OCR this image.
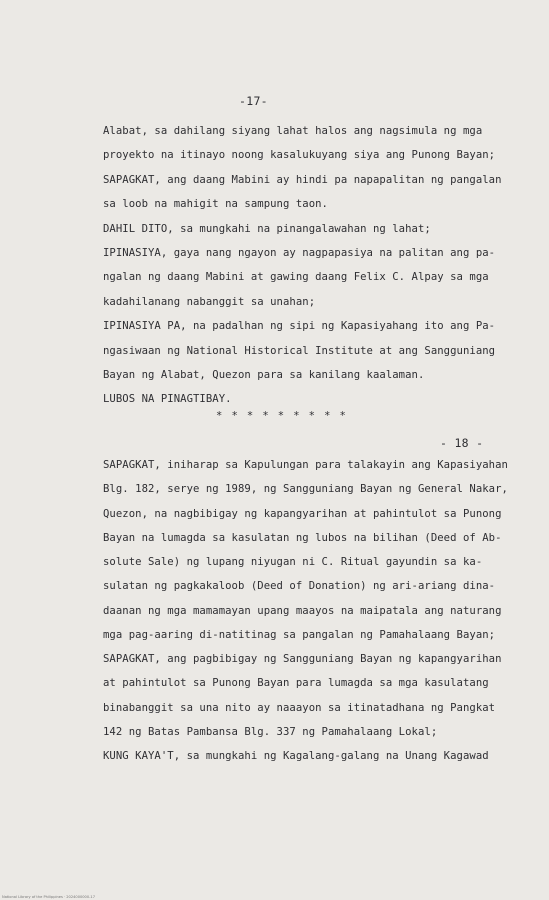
-17-
Alabat, sa dahilang siyang lahat halos ang nagsimula ng mga
proyekto na itinayo noong kasalukuyang siya ang Punong Bayan;
SAPAGKAT, ang daang Mabini ay hindi pa napapalitan ng pangalan
sa loob na mahigit na sampung taon.
DAHIL DITO, sa mungkahi na pinangalawahan ng lahat;
IPINASIYA, gaya nang ngayon ay nagpapasiya na palitan ang pa-
ngalan ng daang Mabini at gawing daang Felix C. Alpay sa mga
kadahilanang nabanggit sa unahan;
IPINASIYA PA, na padalhan ng sipi ng Kapasiyahang ito ang Pa-
ngasiwaan ng National Historical Institute at ang Sangguniang
Bayan ng Alabat, Quezon para sa kanilang kaalaman.
LUBOS NA PINAGTIBAY.
* * * * * * * * *
- 18 -
SAPAGKAT, iniharap sa Kapulungan para talakayin ang Kapasiyahan
Blg. 182, serye ng 1989, ng Sangguniang Bayan ng General Nakar,
Quezon, na nagbibigay ng kapangyarihan at pahintulot sa Punong
Bayan na lumagda sa kasulatan ng lubos na bilihan (Deed of Ab-
solute Sale) ng lupang niyugan ni C. Ritual gayundin sa ka-
sulatan ng pagkakaloob (Deed of Donation) ng ari-ariang dina-
daanan ng mga mamamayan upang maayos na maipatala ang naturang
mga pag-aaring di-natitinag sa pangalan ng Pamahalaang Bayan;
SAPAGKAT, ang pagbibigay ng Sangguniang Bayan ng kapangyarihan
at pahintulot sa Punong Bayan para lumagda sa mga kasulatang
binabanggit sa una nito ay naaayon sa itinatadhana ng Pangkat
142 ng Batas Pambansa Blg. 337 ng Pamahalaang Lokal;
KUNG KAYA'T, sa mungkahi ng Kagalang-galang na Unang Kagawad
National Library of the Philippines · 2024000000-17
